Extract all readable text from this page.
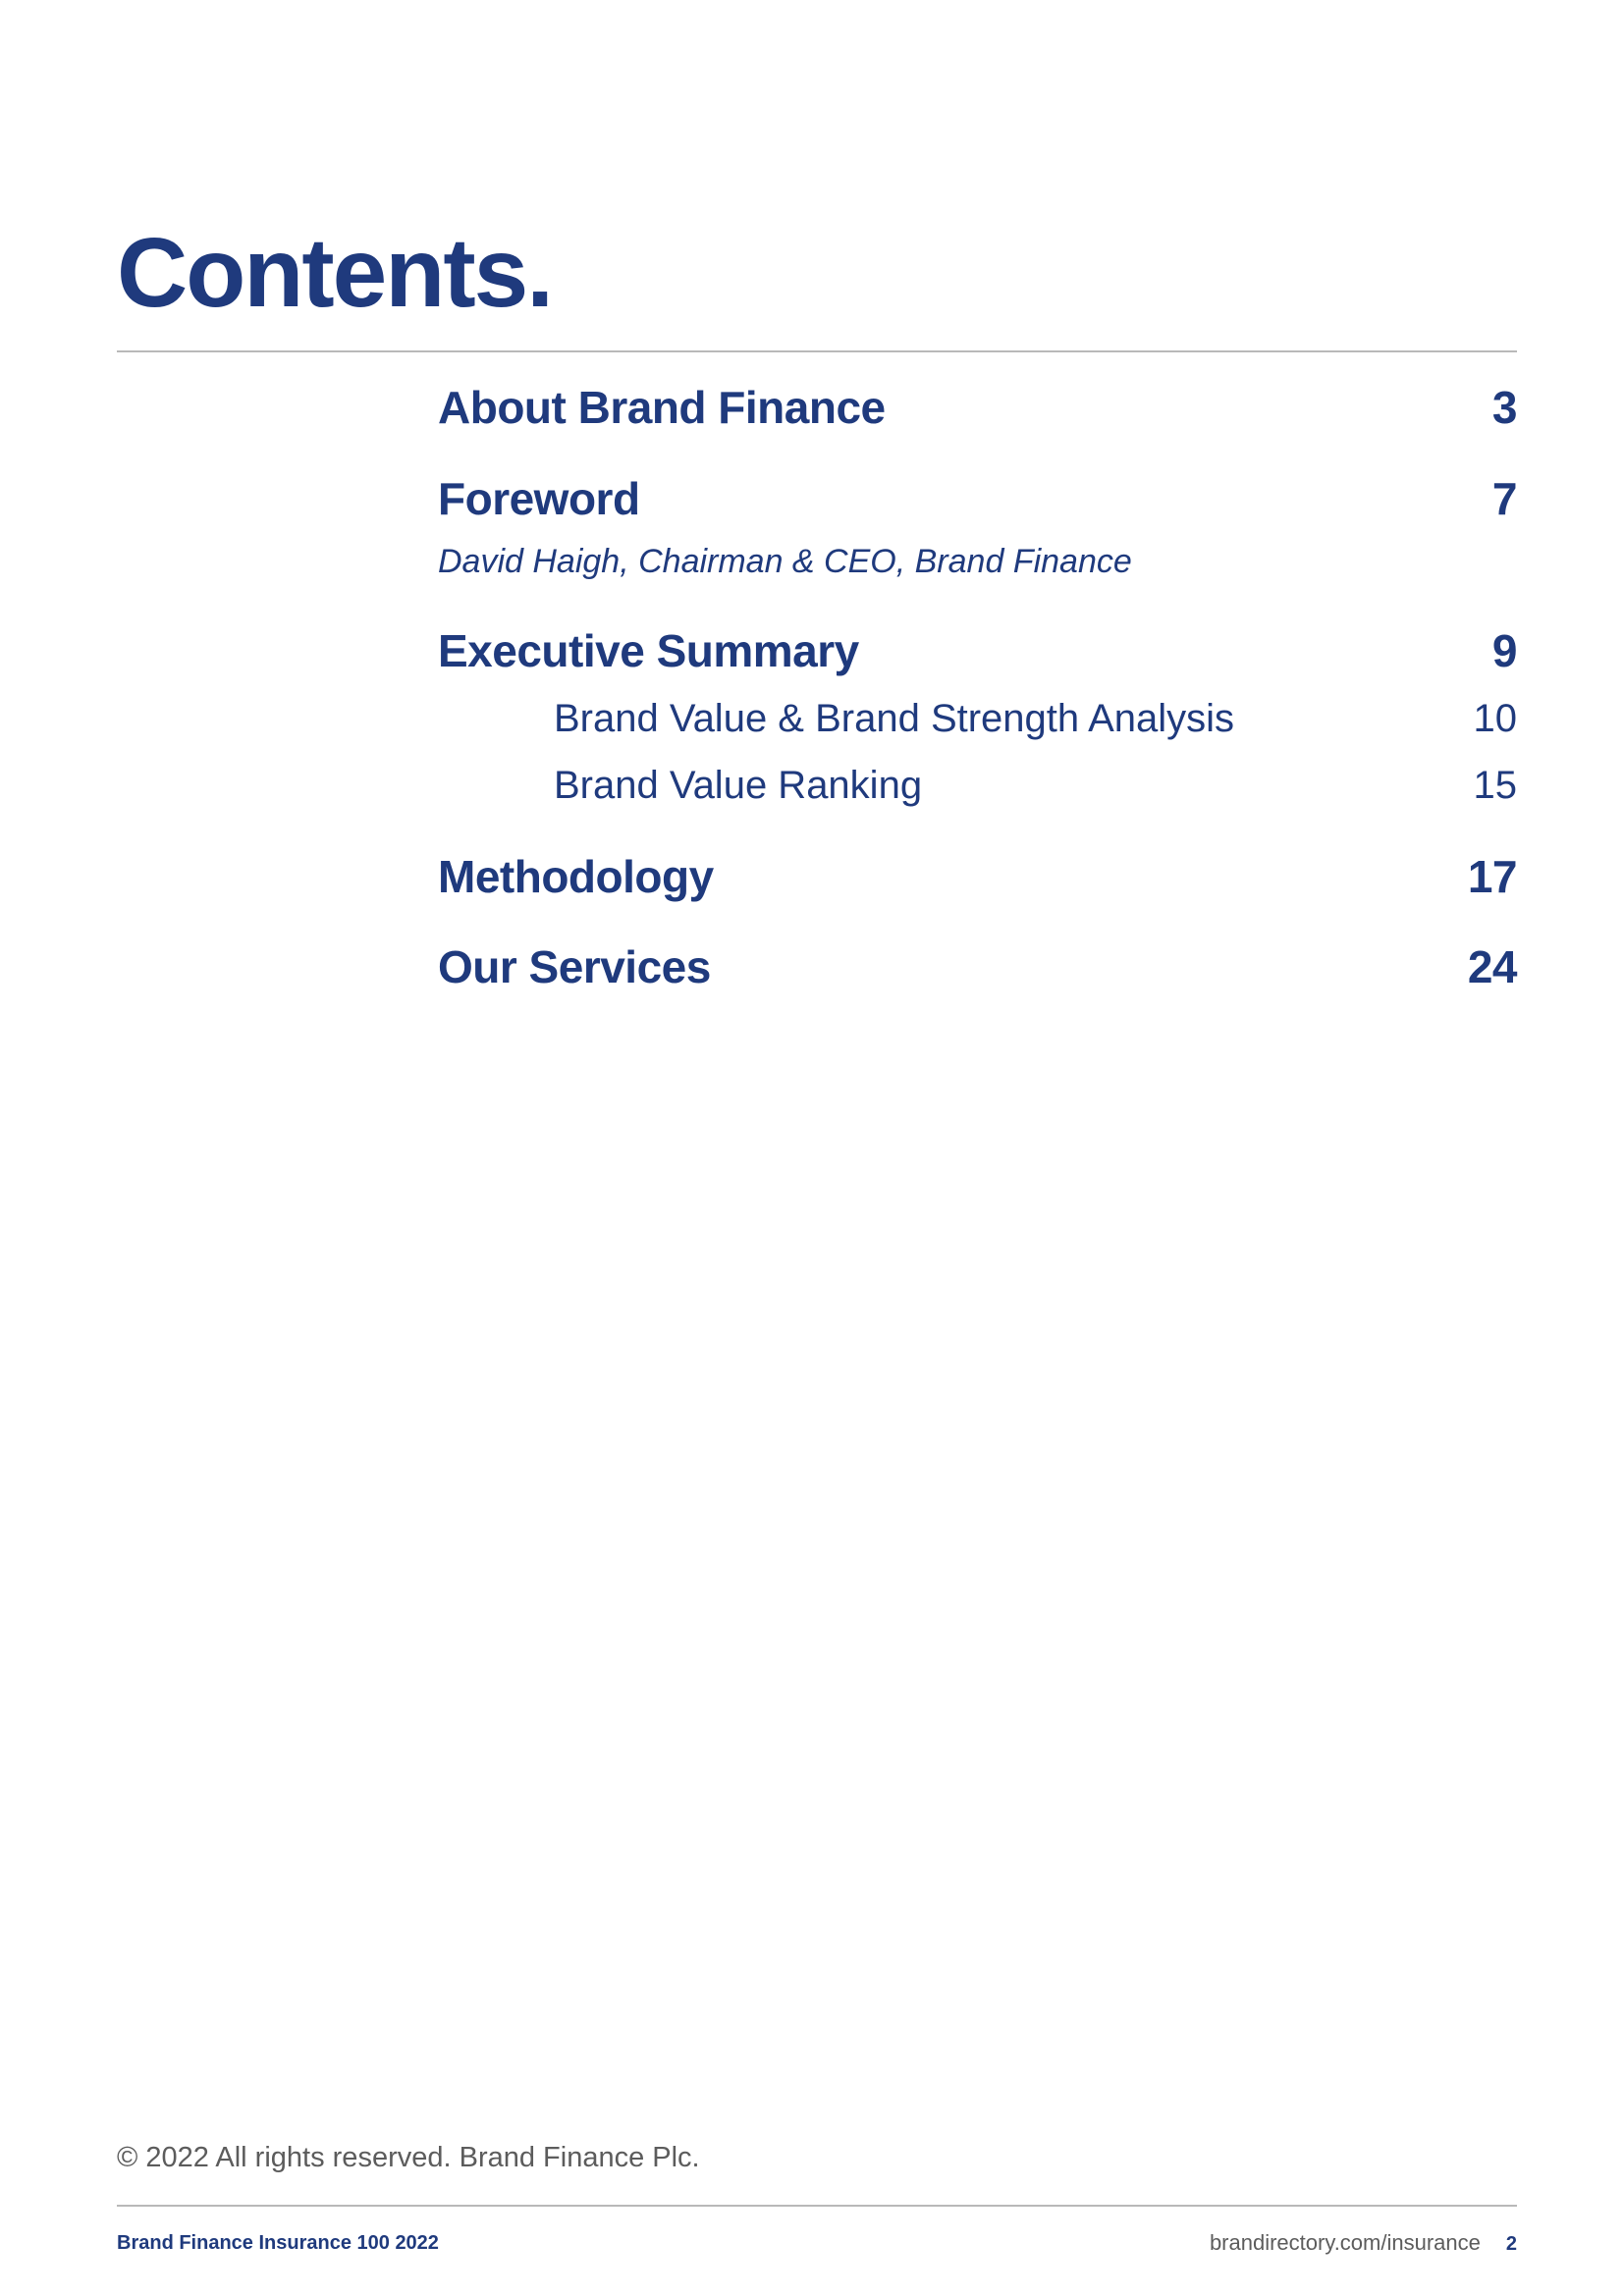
Contents.
About Brand Finance	3
Foreword	7
David Haigh, Chairman & CEO, Brand Finance
Executive Summary	9
Brand Value & Brand Strength Analysis	10
Brand Value Ranking	15
Methodology	17
Our Services	24
© 2022 All rights reserved. Brand Finance Plc.
Brand Finance Insurance 100 2022	brandirectory.com/insurance 2
